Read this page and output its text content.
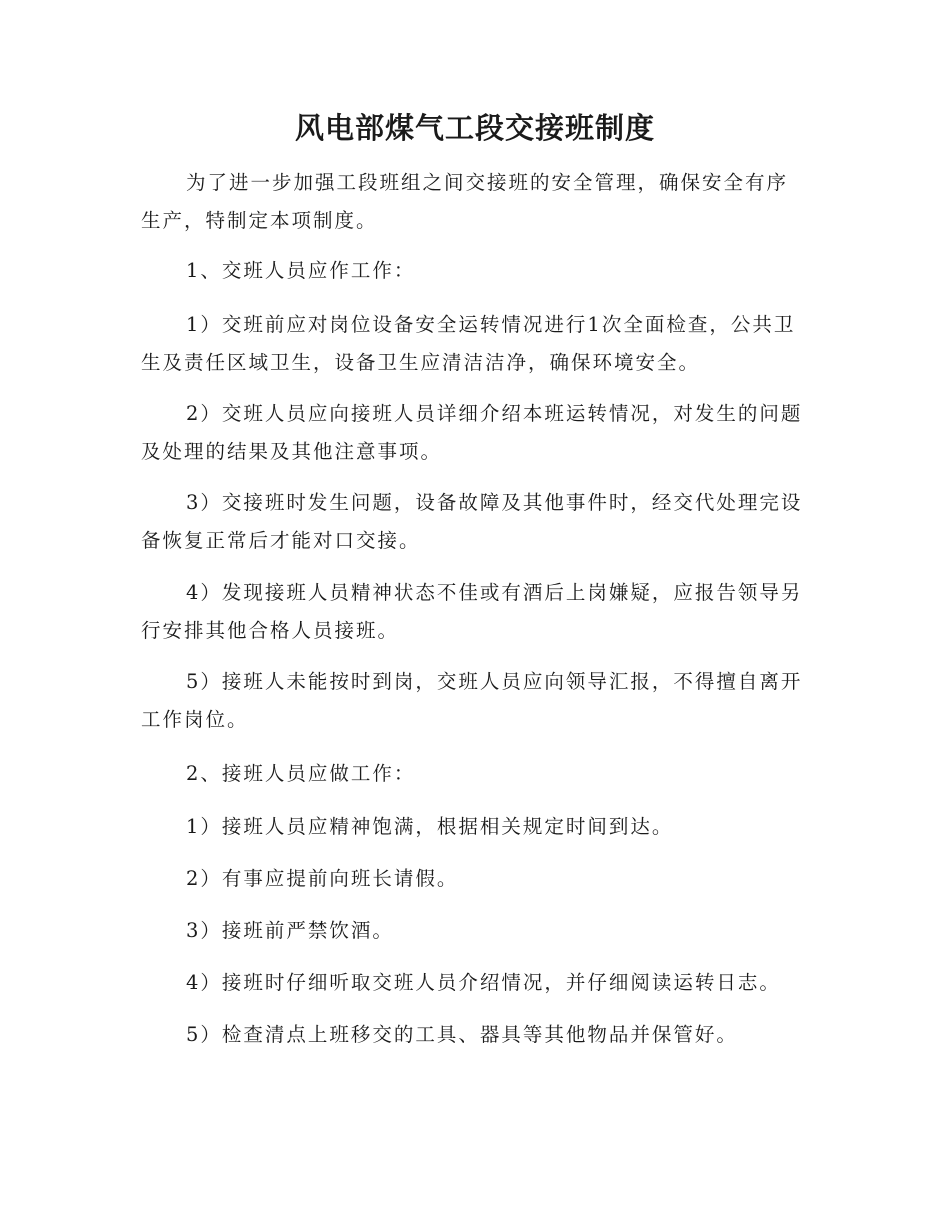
风电部煤气工段交接班制度

为了进一步加强工段班组之间交接班的安全管理，确保安全有序生产，特制定本项制度。

1、交班人员应作工作：

1）交班前应对岗位设备安全运转情况进行1次全面检查，公共卫生及责任区域卫生，设备卫生应清洁洁净，确保环境安全。

2）交班人员应向接班人员详细介绍本班运转情况，对发生的问题及处理的结果及其他注意事项。

3）交接班时发生问题，设备故障及其他事件时，经交代处理完设备恢复正常后才能对口交接。

4）发现接班人员精神状态不佳或有酒后上岗嫌疑，应报告领导另行安排其他合格人员接班。

5）接班人未能按时到岗，交班人员应向领导汇报，不得擅自离开工作岗位。

2、接班人员应做工作：

1）接班人员应精神饱满，根据相关规定时间到达。

2）有事应提前向班长请假。

3）接班前严禁饮酒。

4）接班时仔细听取交班人员介绍情况，并仔细阅读运转日志。

5）检查清点上班移交的工具、器具等其他物品并保管好。
